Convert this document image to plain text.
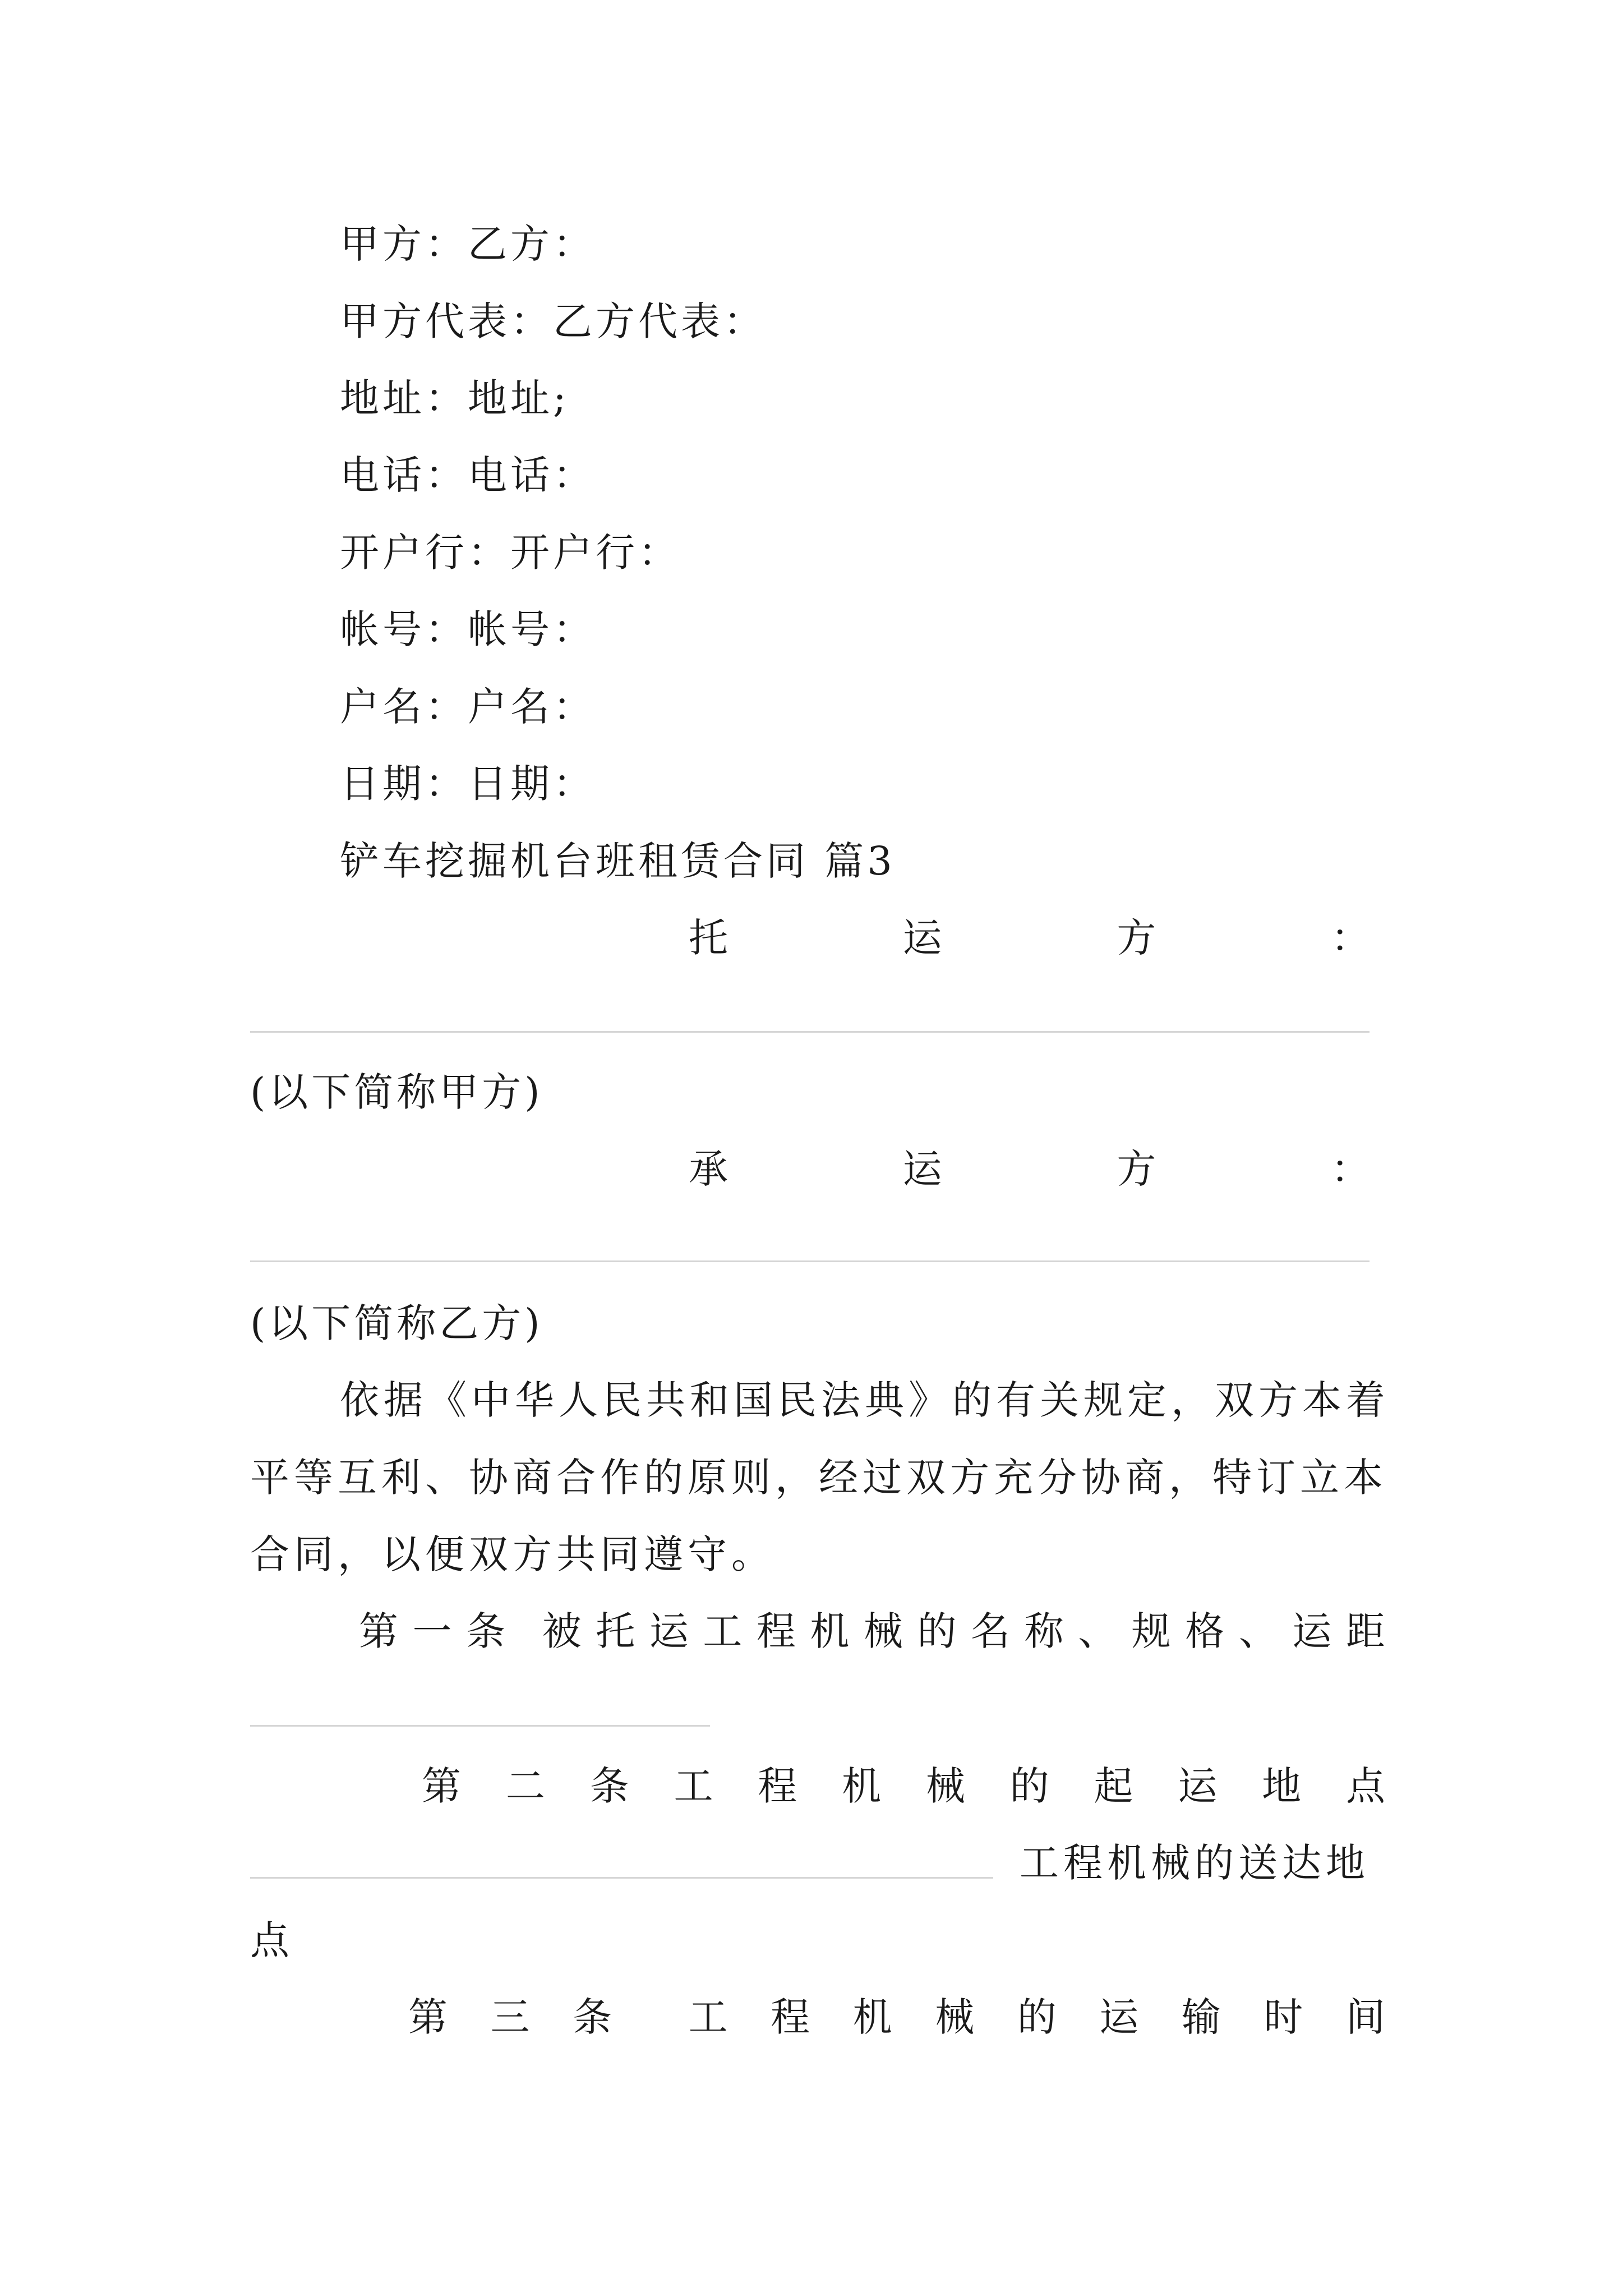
甲方：乙方：

甲方代表：乙方代表：

地址：地址;

电话：电话：

开户行：开户行：

帐号：帐号：

户名：户名：

日期：日期：

铲车挖掘机台班租赁合同 篇3

托	运	方	：

(以下简称甲方)

承	运	方	：

(以下简称乙方)

依据《中华人民共和国民法典》的有关规定，双方本着

平等互利、协商合作的原则，经过双方充分协商，特订立本

合同，以便双方共同遵守。

第 一 条 被 托 运 工 程 机 械 的 名 称 、 规 格 、 运 距
第 二 条 工 程 机 械 的 起 运 地 点

工程机械的送达地

点

第 三 条 工 程 机 械 的 运 输 时 间
